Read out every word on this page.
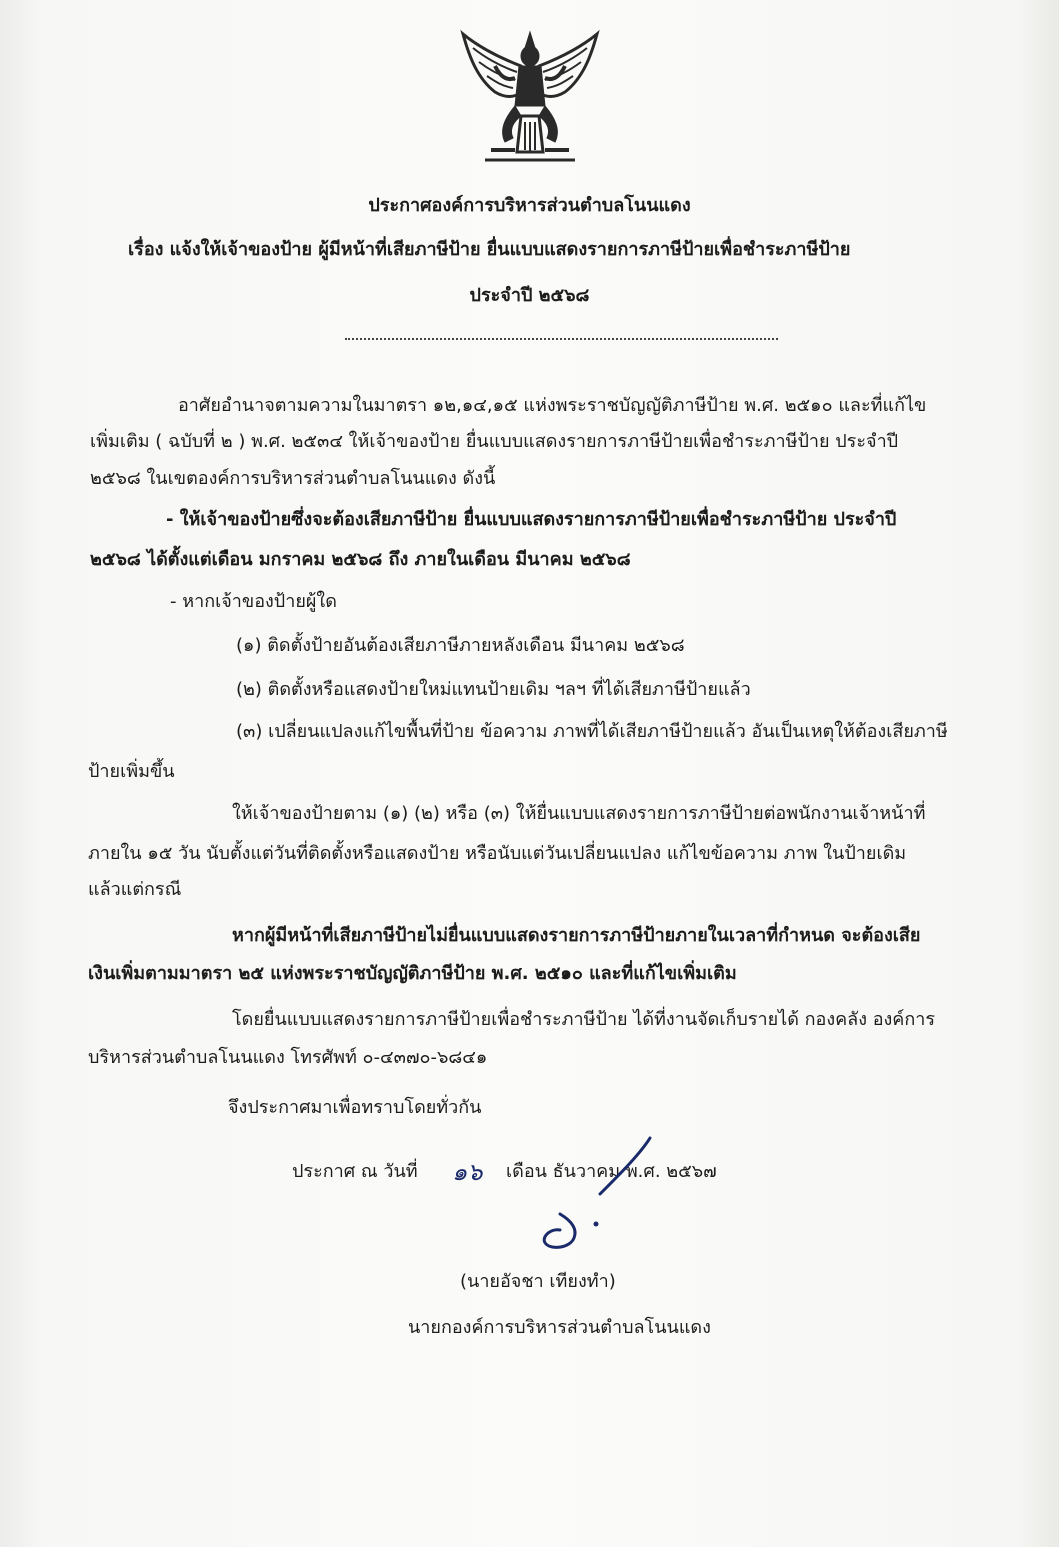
ประกาศองค์การบริหารส่วนตำบลโนนแดง
เรื่อง แจ้งให้เจ้าของป้าย ผู้มีหน้าที่เสียภาษีป้าย ยื่นแบบแสดงรายการภาษีป้ายเพื่อชำระภาษีป้าย
ประจำปี ๒๕๖๘
อาศัยอำนาจตามความในมาตรา ๑๒,๑๔,๑๕ แห่งพระราชบัญญัติภาษีป้าย พ.ศ. ๒๕๑๐ และที่แก้ไข
เพิ่มเติม ( ฉบับที่ ๒ ) พ.ศ. ๒๕๓๔ ให้เจ้าของป้าย ยื่นแบบแสดงรายการภาษีป้ายเพื่อชำระภาษีป้าย ประจำปี
๒๕๖๘ ในเขตองค์การบริหารส่วนตำบลโนนแดง ดังนี้
- ให้เจ้าของป้ายซึ่งจะต้องเสียภาษีป้าย ยื่นแบบแสดงรายการภาษีป้ายเพื่อชำระภาษีป้าย ประจำปี
๒๕๖๘ ได้ตั้งแต่เดือน มกราคม ๒๕๖๘ ถึง ภายในเดือน มีนาคม ๒๕๖๘
- หากเจ้าของป้ายผู้ใด
(๑) ติดตั้งป้ายอันต้องเสียภาษีภายหลังเดือน มีนาคม ๒๕๖๘
(๒) ติดตั้งหรือแสดงป้ายใหม่แทนป้ายเดิม ฯลฯ ที่ได้เสียภาษีป้ายแล้ว
(๓) เปลี่ยนแปลงแก้ไขพื้นที่ป้าย ข้อความ ภาพที่ได้เสียภาษีป้ายแล้ว อันเป็นเหตุให้ต้องเสียภาษี
ป้ายเพิ่มขึ้น
ให้เจ้าของป้ายตาม (๑) (๒) หรือ (๓) ให้ยื่นแบบแสดงรายการภาษีป้ายต่อพนักงานเจ้าหน้าที่
ภายใน ๑๕ วัน นับตั้งแต่วันที่ติดตั้งหรือแสดงป้าย หรือนับแต่วันเปลี่ยนแปลง แก้ไขข้อความ ภาพ ในป้ายเดิม
แล้วแต่กรณี
หากผู้มีหน้าที่เสียภาษีป้ายไม่ยื่นแบบแสดงรายการภาษีป้ายภายในเวลาที่กำหนด จะต้องเสีย
เงินเพิ่มตามมาตรา ๒๕ แห่งพระราชบัญญัติภาษีป้าย พ.ศ. ๒๕๑๐ และที่แก้ไขเพิ่มเติม
โดยยื่นแบบแสดงรายการภาษีป้ายเพื่อชำระภาษีป้าย ได้ที่งานจัดเก็บรายได้ กองคลัง องค์การ
บริหารส่วนตำบลโนนแดง โทรศัพท์ ๐-๔๓๗๐-๖๘๔๑
จึงประกาศมาเพื่อทราบโดยทั่วกัน
ประกาศ ณ วันที่ ๑๖ เดือน ธันวาคม พ.ศ. ๒๕๖๗
(นายอัจชา เทียงทำ)
นายกองค์การบริหารส่วนตำบลโนนแดง
